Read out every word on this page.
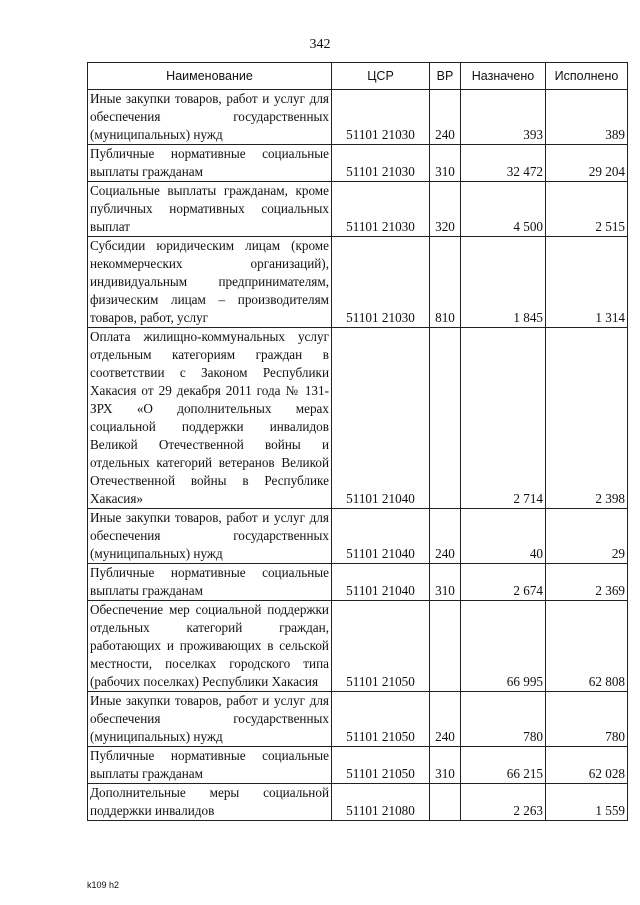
342
Наименование	ЦСР	ВР	Назначено	Исполнено
Иные закупки товаров, работ и услуг для обеспечения государственных (муниципальных) нужд	51101 21030	240	393	389
Публичные нормативные социальные выплаты гражданам	51101 21030	310	32 472	29 204
Социальные выплаты гражданам, кроме публичных нормативных социальных выплат	51101 21030	320	4 500	2 515
Субсидии юридическим лицам (кроме некоммерческих организаций), индивидуальным предпринимателям, физическим лицам – производителям товаров, работ, услуг	51101 21030	810	1 845	1 314
Оплата жилищно-коммунальных услуг отдельным категориям граждан в соответствии с Законом Республики Хакасия от 29 декабря 2011 года № 131-ЗРХ «О дополнительных мерах социальной поддержки инвалидов Великой Отечественной войны и отдельных категорий ветеранов Великой Отечественной войны в Республике Хакасия»	51101 21040		2 714	2 398
Иные закупки товаров, работ и услуг для обеспечения государственных (муниципальных) нужд	51101 21040	240	40	29
Публичные нормативные социальные выплаты гражданам	51101 21040	310	2 674	2 369
Обеспечение мер социальной поддержки отдельных категорий граждан, работающих и проживающих в сельской местности, поселках городского типа (рабочих поселках) Республики Хакасия	51101 21050		66 995	62 808
Иные закупки товаров, работ и услуг для обеспечения государственных (муниципальных) нужд	51101 21050	240	780	780
Публичные нормативные социальные выплаты гражданам	51101 21050	310	66 215	62 028
Дополнительные меры социальной поддержки инвалидов	51101 21080		2 263	1 559
k109 h2
